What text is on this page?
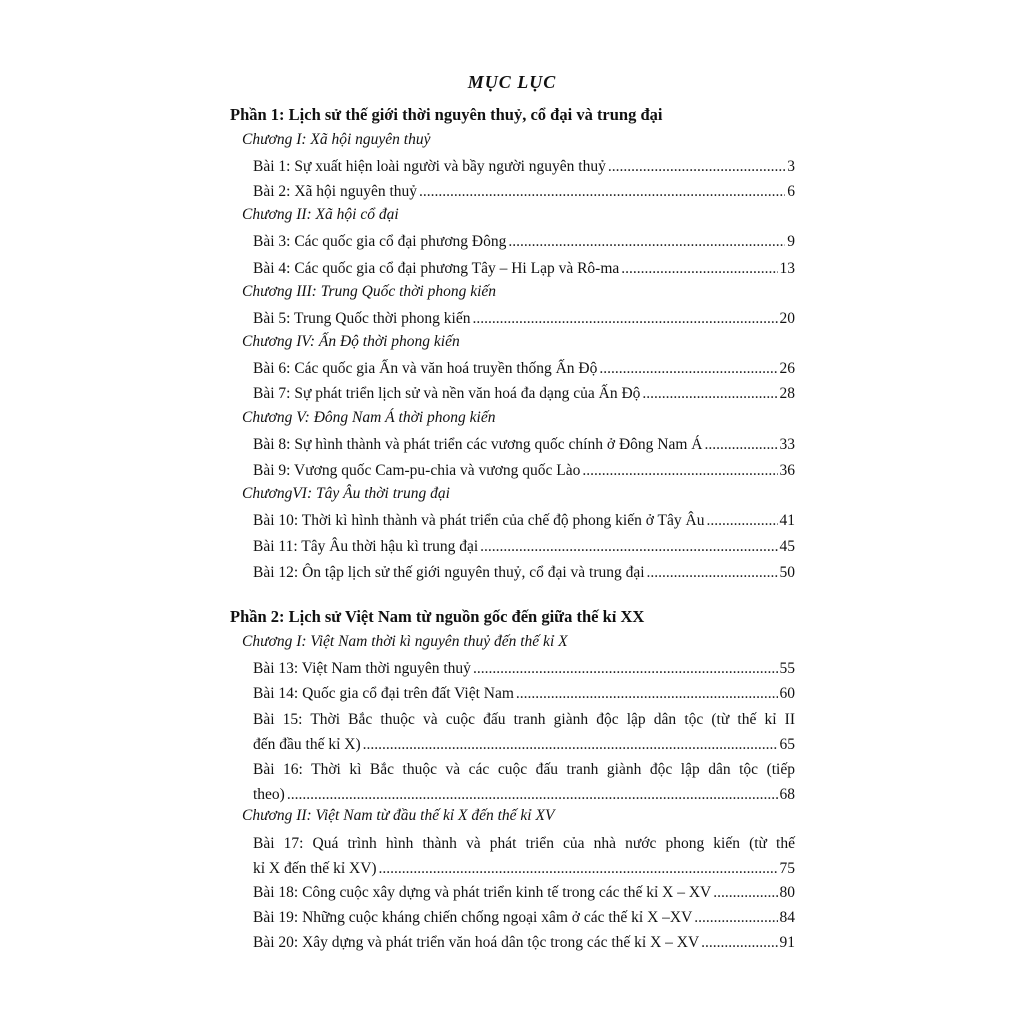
MỤC LỤC
Phần 1: Lịch sử thế giới thời nguyên thuỷ, cổ đại và trung đại
Chương I: Xã hội nguyên thuỷ
Bài 1: Sự xuất hiện loài người và bầy người nguyên thuỷ .....	3
Bài 2: Xã hội nguyên thuỷ .....	6
Chương II: Xã hội cổ đại
Bài 3: Các quốc gia cổ đại phương Đông .....	9
Bài 4: Các quốc gia cổ đại phương Tây – Hi Lạp và Rô-ma .....	13
Chương III: Trung Quốc thời phong kiến
Bài 5: Trung Quốc thời phong kiến .....	20
Chương IV: Ấn Độ thời phong kiến
Bài 6: Các quốc gia Ấn và văn hoá truyền thống Ấn Độ .....	26
Bài 7: Sự phát triển lịch sử và nền văn hoá đa dạng của Ấn Độ .....	28
Chương V: Đông Nam Á thời phong kiến
Bài 8: Sự hình thành và phát triển các vương quốc chính ở Đông Nam Á .....	33
Bài 9: Vương quốc Cam-pu-chia và vương quốc Lào .....	36
ChươngVI: Tây Âu thời trung đại
Bài 10: Thời kì hình thành và phát triển của chế độ phong kiến ở Tây Âu .....	41
Bài 11: Tây Âu thời hậu kì trung đại .....	45
Bài 12: Ôn tập lịch sử thế giới nguyên thuỷ, cổ đại và trung đại .....	50
Phần 2: Lịch sử Việt Nam từ nguồn gốc đến giữa thế kỉ XX
Chương I: Việt Nam thời kì nguyên thuỷ đến thế kỉ X
Bài 13: Việt Nam thời nguyên thuỷ .....	55
Bài 14: Quốc gia cổ đại trên đất Việt Nam .....	60
Bài 15: Thời Bắc thuộc và cuộc đấu tranh giành độc lập dân tộc (từ thế kỉ II
đến đầu thế kỉ X) .....	65
Bài 16: Thời kì Bắc thuộc và các cuộc đấu tranh giành độc lập dân tộc (tiếp
theo) .....	68
Chương II: Việt Nam từ đầu thế kỉ X đến thế kỉ XV
Bài 17: Quá trình hình thành và phát triển của nhà nước phong kiến (từ thế
kỉ X đến thế kỉ XV) .....	75
Bài 18: Công cuộc xây dựng và phát triển kinh tế trong các thế kỉ X – XV .....	80
Bài 19: Những cuộc kháng chiến chống ngoại xâm ở các thế kỉ X –XV .....	84
Bài 20: Xây dựng và phát triển văn hoá dân tộc trong các thế kỉ X – XV .....	91
